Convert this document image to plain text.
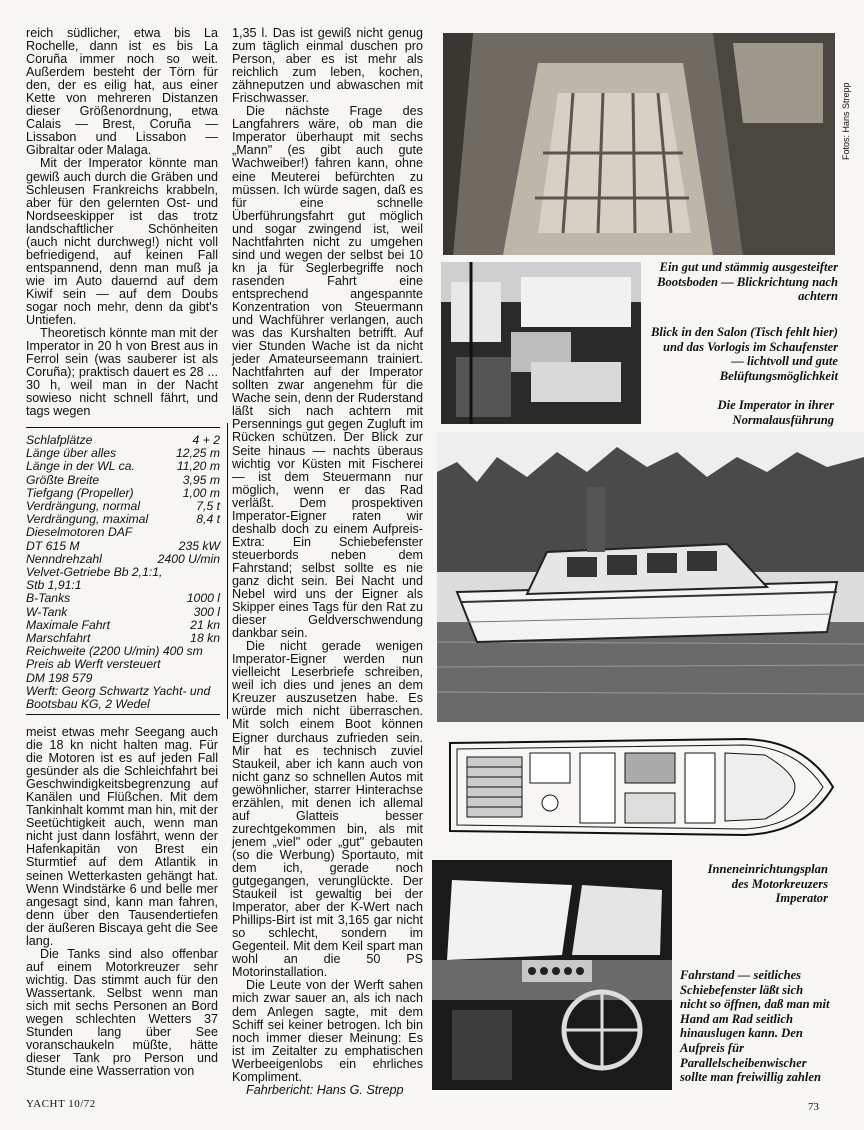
reich südlicher, etwa bis La Rochelle, dann ist es bis La Coruña immer noch so weit. Außerdem besteht der Törn für den, der es eilig hat, aus einer Kette von mehreren Distanzen dieser Größenordnung, etwa Calais — Brest, Coruña — Lissabon und Lissabon — Gibraltar oder Malaga.

Mit der Imperator könnte man gewiß auch durch die Gräben und Schleusen Frankreichs krabbeln, aber für den gelernten Ost- und Nordseeskipper ist das trotz landschaftlicher Schönheiten (auch nicht durchweg!) nicht voll befriedigend, auf keinen Fall entspannend, denn man muß ja wie im Auto dauernd auf dem Kiwif sein — auf dem Doubs sogar noch mehr, denn da gibt's Untiefen.

Theoretisch könnte man mit der Imperator in 20 h von Brest aus in Ferrol sein (was sauberer ist als Coruña); praktisch dauert es 28 ... 30 h, weil man in der Nacht sowieso nicht schnell fährt, und tags wegen

Schlafplätze	4 + 2
Länge über alles	12,25 m
Länge in der WL ca.	11,20 m
Größte Breite	3,95 m
Tiefgang (Propeller)	1,00 m
Verdrängung, normal	7,5 t
Verdrängung, maximal	8,4 t
Dieselmotoren DAF
DT 615 M	235 kW
Nenndrehzahl	2400 U/min
Velvet-Getriebe Bb 2,1:1,
Stb 1,91:1
B-Tanks	1000 l
W-Tank	300 l
Maximale Fahrt	21 kn
Marschfahrt	18 kn
Reichweite (2200 U/min) 400 sm
Preis ab Werft versteuert
DM 198 579
Werft: Georg Schwartz Yacht- und Bootsbau KG, 2 Wedel

meist etwas mehr Seegang auch die 18 kn nicht halten mag. Für die Motoren ist es auf jeden Fall gesünder als die Schleichfahrt bei Geschwindigkeitsbegrenzung auf Kanälen und Flüßchen. Mit dem Tankinhalt kommt man hin, mit der Seetüchtigkeit auch, wenn man nicht just dann losfährt, wenn der Hafenkapitän von Brest ein Sturmtief auf dem Atlantik in seinen Wetterkasten gehängt hat. Wenn Windstärke 6 und belle mer angesagt sind, kann man fahren, denn über den Tausendertiefen der äußeren Biscaya geht die See lang.

Die Tanks sind also offenbar auf einem Motorkreuzer sehr wichtig. Das stimmt auch für den Wassertank. Selbst wenn man sich mit sechs Personen an Bord wegen schlechten Wetters 37 Stunden lang über See voranschaukeln müßte, hätte dieser Tank pro Person und Stunde eine Wasserration von

1,35 l. Das ist gewiß nicht genug zum täglich einmal duschen pro Person, aber es ist mehr als reichlich zum leben, kochen, zähneputzen und abwaschen mit Frischwasser.

Die nächste Frage des Langfahrers wäre, ob man die Imperator überhaupt mit sechs „Mann" (es gibt auch gute Wachweiber!) fahren kann, ohne eine Meuterei befürchten zu müssen. Ich würde sagen, daß es für eine schnelle Überführungsfahrt gut möglich und sogar zwingend ist, weil Nachtfahrten nicht zu umgehen sind und wegen der selbst bei 10 kn ja für Seglerbegriffe noch rasenden Fahrt eine entsprechend angespannte Konzentration von Steuermann und Wachführer verlangen, auch was das Kurshalten betrifft. Auf vier Stunden Wache ist da nicht jeder Amateurseemann trainiert. Nachtfahrten auf der Imperator sollten zwar angenehm für die Wache sein, denn der Ruderstand läßt sich nach achtern mit Persennings gut gegen Zugluft im Rücken schützen. Der Blick zur Seite hinaus — nachts überaus wichtig vor Küsten mit Fischerei — ist dem Steuermann nur möglich, wenn er das Rad verläßt. Dem prospektiven Imperator-Eigner raten wir deshalb doch zu einem Aufpreis-Extra: Ein Schiebefenster steuerbords neben dem Fahrstand; selbst sollte es nie ganz dicht sein. Bei Nacht und Nebel wird uns der Eigner als Skipper eines Tags für den Rat zu dieser Geldverschwendung dankbar sein.

Die nicht gerade wenigen Imperator-Eigner werden nun vielleicht Leserbriefe schreiben, weil ich dies und jenes an dem Kreuzer auszusetzen habe. Es würde mich nicht überraschen. Mit solch einem Boot können Eigner durchaus zufrieden sein. Mir hat es technisch zuviel Staukeil, aber ich kann auch von nicht ganz so schnellen Autos mit gewöhnlicher, starrer Hinterachse erzählen, mit denen ich allemal auf Glatteis besser zurechtgekommen bin, als mit jenem „viel" oder „gut" gebauten (so die Werbung) Sportauto, mit dem ich, gerade noch gutgegangen, verunglückte. Der Staukeil ist gewaltig bei der Imperator, aber der K-Wert nach Phillips-Birt ist mit 3,165 gar nicht so schlecht, sondern im Gegenteil. Mit dem Keil spart man wohl an die 50 PS Motorinstallation.

Die Leute von der Werft sahen mich zwar sauer an, als ich nach dem Anlegen sagte, mit dem Schiff sei keiner betrogen. Ich bin noch immer dieser Meinung: Es ist im Zeitalter zu emphatischen Werbeeigenlobs ein ehrliches Kompliment.

Fahrbericht: Hans G. Strepp

Fotos: Hans Strepp
Ein gut und stämmig ausgesteifter Bootsboden — Blickrichtung nach achtern
Blick in den Salon (Tisch fehlt hier) und das Vorlogis im Schaufenster — lichtvoll und gute Belüftungsmöglichkeit
Die Imperator in ihrer Normalausführung
Inneneinrichtungsplan des Motorkreuzers Imperator
Fahrstand — seitliches Schiebefenster läßt sich nicht so öffnen, daß man mit Hand am Rad seitlich hinauslugen kann. Den Aufpreis für Parallelscheibenwischer sollte man freiwillig zahlen
YACHT 10/72	73
